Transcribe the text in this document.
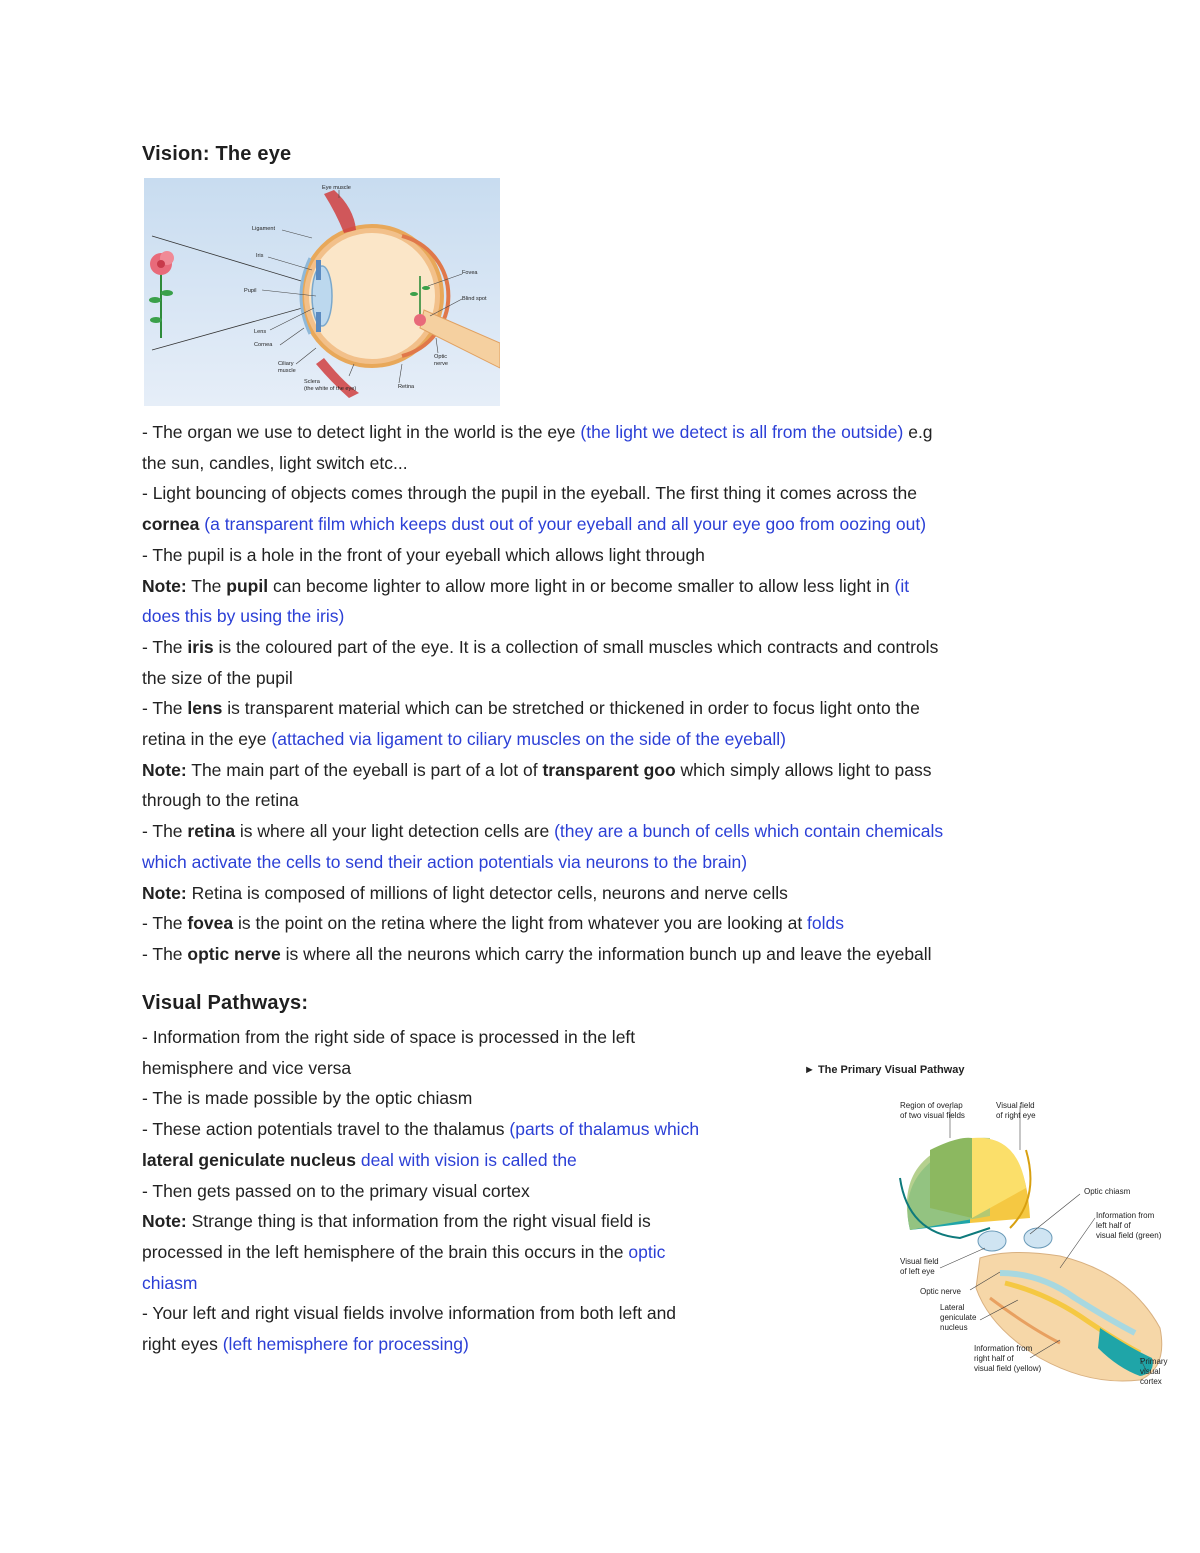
Vision: The eye
Eye muscle
Ligament
Iris
Pupil
Lens
Cornea
Ciliary
muscle
Sclera
(the white of the eye)
Fovea
Blind spot
Optic
nerve
Retina

- The organ we use to detect light in the world is the eye (the light we detect is all from the outside) e.g

the sun, candles, light switch etc...

- Light bouncing of objects comes through the pupil in the eyeball. The first thing it comes across the

cornea (a transparent film which keeps dust out of your eyeball and all your eye goo from oozing out)

- The pupil is a hole in the front of your eyeball which allows light through

Note: The pupil can become lighter to allow more light in or become smaller to allow less light in (it

does this by using the iris)

- The iris is the coloured part of the eye. It is a collection of small muscles which contracts and controls

the size of the pupil

- The lens is transparent material which can be stretched or thickened in order to focus light onto the

retina in the eye (attached via ligament to ciliary muscles on the side of the eyeball)

Note: The main part of the eyeball is part of a lot of transparent goo which simply allows light to pass

through to the retina

- The retina is where all your light detection cells are (they are a bunch of cells which contain chemicals

which activate the cells to send their action potentials via neurons to the brain)

Note: Retina is composed of millions of light detector cells, neurons and nerve cells

- The fovea is the point on the retina where the light from whatever you are looking at folds

- The optic nerve is where all the neurons which carry the information bunch up and leave the eyeball

Visual Pathways:

- Information from the right side of space is processed in the left

hemisphere and vice versa

- The is made possible by the optic chiasm

- These action potentials travel to the thalamus (parts of thalamus which

lateral geniculate nucleus deal with vision is called the

- Then gets passed on to the primary visual cortex

Note: Strange thing is that information from the right visual field is

processed in the left hemisphere of the brain this occurs in the optic

chiasm

- Your left and right visual fields involve information from both left and

right eyes (left hemisphere for processing)

► The Primary Visual Pathway
Region of overlap
of two visual fields
Visual field
of right eye
Optic chiasm
Information from
left half of
visual field (green)
Visual field
of left eye
Optic nerve
Lateral
geniculate
nucleus
Information from
right half of
visual field (yellow)
Primary
visual
cortex
